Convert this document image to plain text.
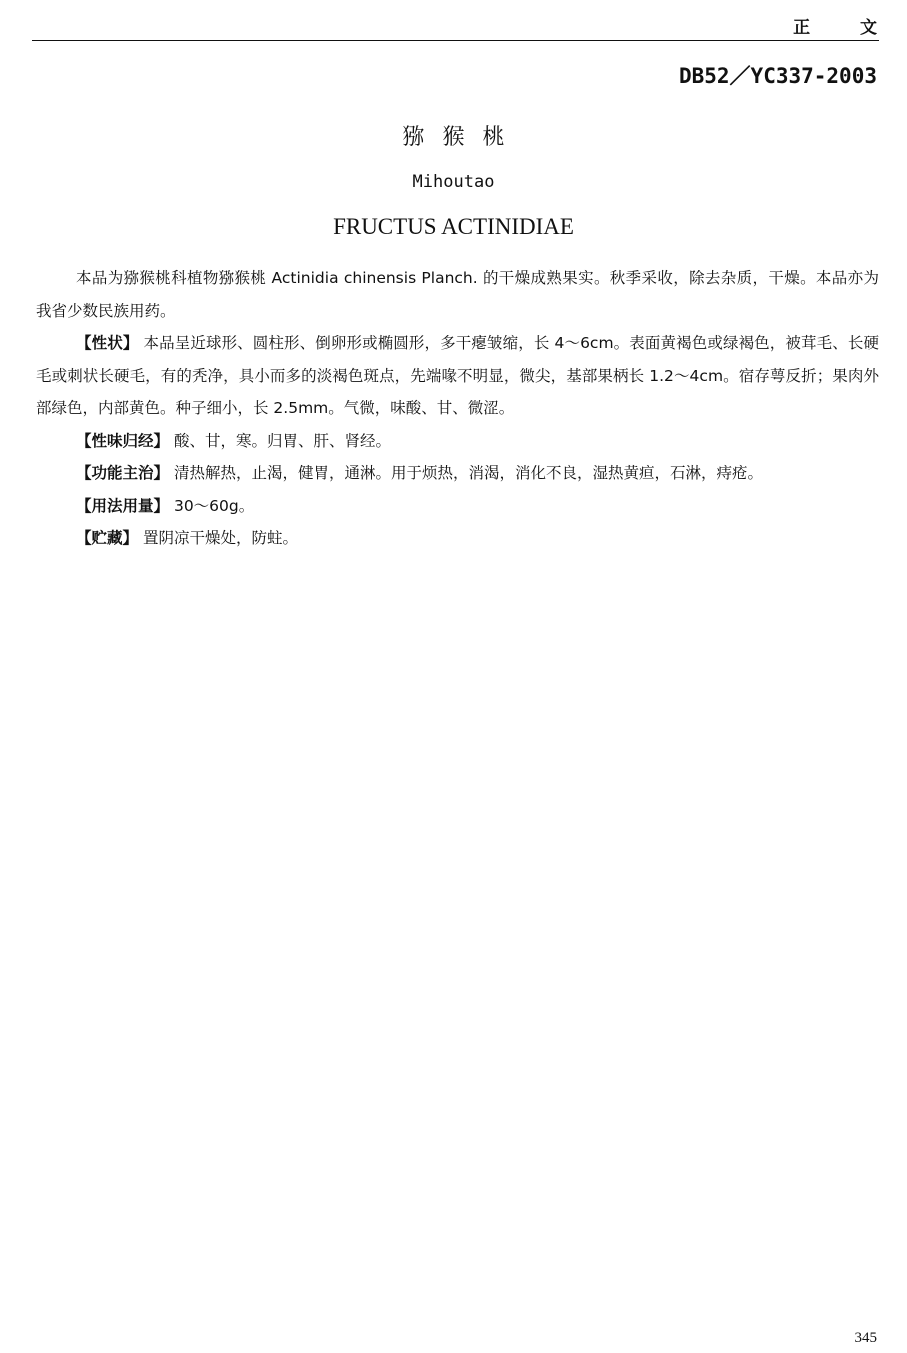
正 文
DB52／YC337-2003
猕猴桃
Mihoutao
FRUCTUS ACTINIDIAE

本品为猕猴桃科植物猕猴桃 Actinidia chinensis Planch. 的干燥成熟果实。秋季采收，除去杂质，干燥。本品亦为我省少数民族用药。

【性状】 本品呈近球形、圆柱形、倒卵形或椭圆形，多干瘪皱缩，长 4～6cm。表面黄褐色或绿褐色，被茸毛、长硬毛或刺状长硬毛，有的秃净，具小而多的淡褐色斑点，先端喙不明显，微尖，基部果柄长 1.2～4cm。宿存萼反折；果肉外部绿色，内部黄色。种子细小，长 2.5mm。气微，味酸、甘、微涩。

【性味归经】 酸、甘，寒。归胃、肝、肾经。

【功能主治】 清热解热，止渴，健胃，通淋。用于烦热，消渴，消化不良，湿热黄疸，石淋，痔疮。

【用法用量】 30～60g。

【贮藏】 置阴凉干燥处，防蛀。

345
